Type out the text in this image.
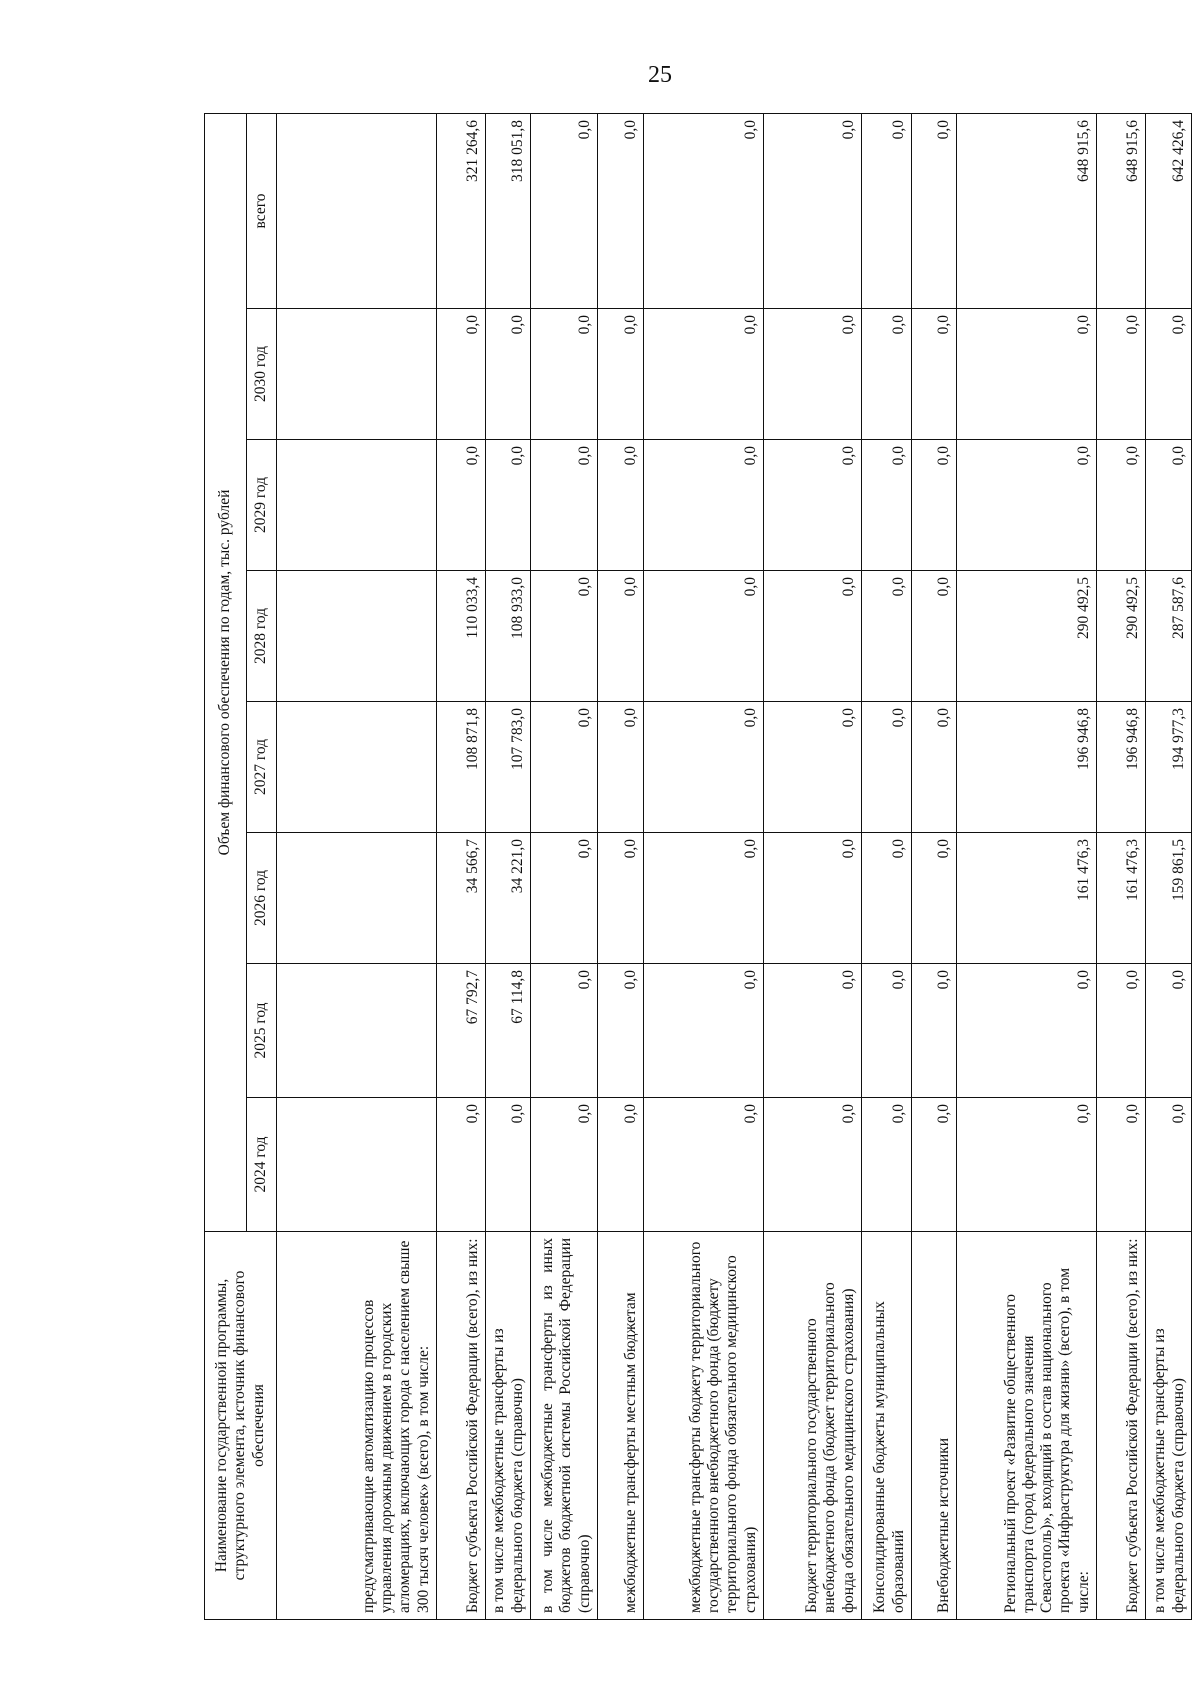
25
Наименование государственной программы, структурного элемента, источник финансового обеспечения	Объем финансового обеспечения по годам, тыс. рублей							
	2024 год	2025 год	2026 год	2027 год	2028 год	2029 год	2030 год	всего
предусматривающие автоматизацию процессов управления дорожным движением в городских агломерациях, включающих города с населением свыше 300 тысяч человек» (всего), в том числе:								
Бюджет субъекта Российской Федерации (всего), из них:	0,0	67 792,7	34 566,7	108 871,8	110 033,4	0,0	0,0	321 264,6
в том числе межбюджетные трансферты из федерального бюджета (справочно)	0,0	67 114,8	34 221,0	107 783,0	108 933,0	0,0	0,0	318 051,8
в том числе межбюджетные трансферты из иных бюджетов бюджетной системы Российской Федерации (справочно)	0,0	0,0	0,0	0,0	0,0	0,0	0,0	0,0
межбюджетные трансферты местным бюджетам	0,0	0,0	0,0	0,0	0,0	0,0	0,0	0,0
межбюджетные трансферты бюджету территориального государственного внебюджетного фонда (бюджету территориального фонда обязательного медицинского страхования)	0,0	0,0	0,0	0,0	0,0	0,0	0,0	0,0
Бюджет территориального государственного внебюджетного фонда (бюджет территориального фонда обязательного медицинского страхования)	0,0	0,0	0,0	0,0	0,0	0,0	0,0	0,0
Консолидированные бюджеты муниципальных образований	0,0	0,0	0,0	0,0	0,0	0,0	0,0	0,0
Внебюджетные источники	0,0	0,0	0,0	0,0	0,0	0,0	0,0	0,0
Региональный проект «Развитие общественного транспорта (город федерального значения Севастополь)», входящий в состав национального проекта «Инфраструктура для жизни» (всего), в том числе:	0,0	0,0	161 476,3	196 946,8	290 492,5	0,0	0,0	648 915,6
Бюджет субъекта Российской Федерации (всего), из них:	0,0	0,0	161 476,3	196 946,8	290 492,5	0,0	0,0	648 915,6
в том числе межбюджетные трансферты из федерального бюджета (справочно)	0,0	0,0	159 861,5	194 977,3	287 587,6	0,0	0,0	642 426,4
